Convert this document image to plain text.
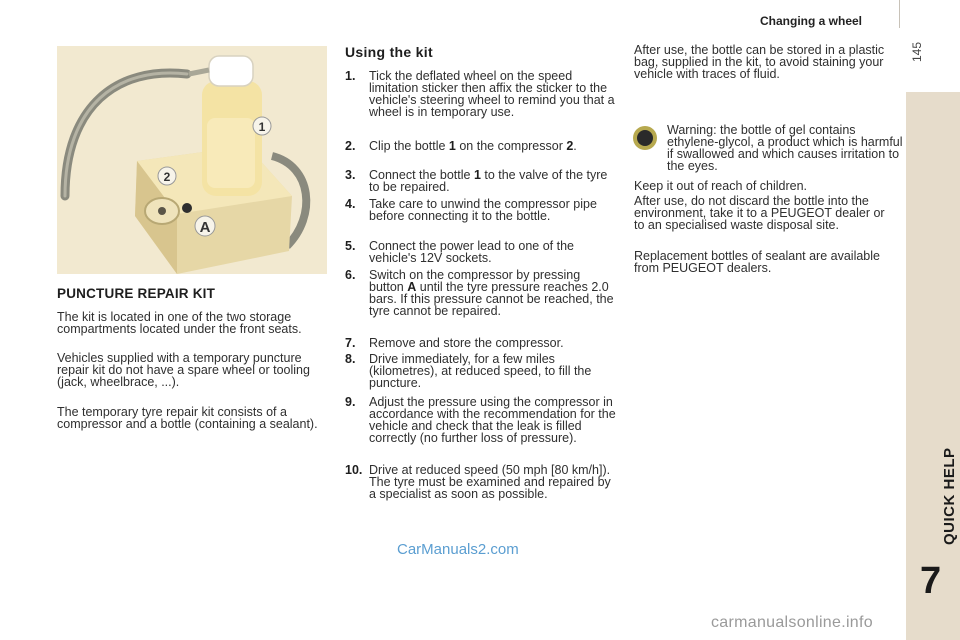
Changing a wheel
145
QUICK HELP
7
1
2
A
PUNCTURE REPAIR KIT
The kit is located in one of the two storage compartments located under the front seats.
Vehicles supplied with a temporary puncture repair kit do not have a spare wheel or tooling (jack, wheelbrace, ...).
The temporary tyre repair kit consists of a compressor and a bottle (containing a sealant).
Using the kit
1. Tick the deflated wheel on the speed limitation sticker then affix the sticker to the vehicle's steering wheel to remind you that a wheel is in temporary use.
2. Clip the bottle 1 on the compressor 2.
3. Connect the bottle 1 to the valve of the tyre to be repaired.
4. Take care to unwind the compressor pipe before connecting it to the bottle.
5. Connect the power lead to one of the vehicle's 12V sockets.
6. Switch on the compressor by pressing button A until the tyre pressure reaches 2.0 bars. If this pressure cannot be reached, the tyre cannot be repaired.
7. Remove and store the compressor.
8. Drive immediately, for a few miles (kilometres), at reduced speed, to fill the puncture.
9. Adjust the pressure using the compressor in accordance with the recommendation for the vehicle and check that the leak is filled correctly (no further loss of pressure).
10. Drive at reduced speed (50 mph [80 km/h]). The tyre must be examined and repaired by a specialist as soon as possible.
After use, the bottle can be stored in a plastic bag, supplied in the kit, to avoid staining your vehicle with traces of fluid.
Warning: the bottle of gel contains ethylene-glycol, a product which is harmful if swallowed and which causes irritation to the eyes.
Keep it out of reach of children.
After use, do not discard the bottle into the environment, take it to a PEUGEOT dealer or to an specialised waste disposal site.
Replacement bottles of sealant are available from PEUGEOT dealers.
CarManuals2.com
carmanualsonline.info
